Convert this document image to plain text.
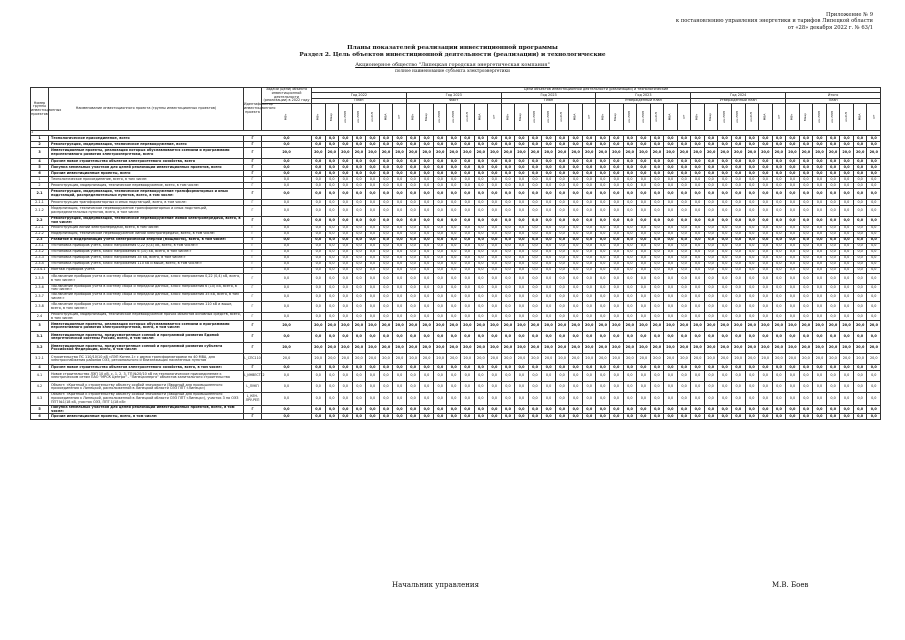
Приложение № 9
к постановлению управления энергетики и тарифов Липецкой области
от «28» декабря 2022 г. № 63/1
Планы показателей реализации инвестиционной программы
Раздел 2. Цель объектов инвестиционной деятельности (реализации) и технологические
Акционерное общество "Липецкая городская энергетическая компания"
полное наименование субъекта электроэнергетики
Номер группы инвестиционных проектов	Наименование инвестиционного проекта (группы инвестиционных проектов)	Идентификатор инвестиционного проекта	Задачи (цели) объекта инвестиционной деятельности (реализации) в 2022 году	Цели объектов инвестиционной деятельности (реализации) и технологические																																									
				Год 2022							Год 2023							Год 2023							Год 2023							Год 2024							Итого						
				План							Факт							План							Утвержденный план							Утвержденный план							План						
			МВт	МВт	Мвар	км ЛЭП	км ЛЭП	км КЛ	МВА	шт	МВт	Мвар	км ЛЭП	км ЛЭП	км КЛ	МВА	шт	МВт	Мвар	км ЛЭП	км ЛЭП	км КЛ	МВА	шт	МВт	Мвар	км ЛЭП	км ЛЭП	км КЛ	МВА	шт	МВт	Мвар	км ЛЭП	км ЛЭП	км КЛ	МВА	шт	МВт	Мвар	км ЛЭП	км ЛЭП	км КЛ	МВА	шт
1																																													
1	Технологическое присоединение, всего	Г	0,0	0,0	0,0	0,0	0,0	0,0	0,0	0,0	0,0	0,0	0,0	0,0	0,0	0,0	0,0	0,0	0,0	0,0	0,0	0,0	0,0	0,0	0,0	0,0	0,0	0,0	0,0	0,0	0,0	0,0	0,0	0,0	0,0	0,0	0,0	0,0	0,0	0,0	0,0	0,0	0,0	0,0	0,0
2	Реконструкция, модернизация, техническое перевооружение, всего	Г	0,0	0,0	0,0	0,0	0,0	0,0	0,0	0,0	0,0	0,0	0,0	0,0	0,0	0,0	0,0	0,0	0,0	0,0	0,0	0,0	0,0	0,0	0,0	0,0	0,0	0,0	0,0	0,0	0,0	0,0	0,0	0,0	0,0	0,0	0,0	0,0	0,0	0,0	0,0	0,0	0,0	0,0	0,0
3	Инвестиционные проекты, реализация которых обуславливается схемами и программами перспективного развития электроэнергетики, всего	Г	20,0	20,0	20,0	20,0	20,0	20,0	20,0	20,0	20,0	20,0	20,0	20,0	20,0	20,0	20,0	20,0	20,0	20,0	20,0	20,0	20,0	20,0	20,0	20,0	20,0	20,0	20,0	20,0	20,0	20,0	20,0	20,0	20,0	20,0	20,0	20,0	20,0	20,0	20,0	20,0	20,0	20,0	20,0
4	Прочее новое строительство объектов электросетевого хозяйства, всего	Г	0,0	0,0	0,0	0,0	0,0	0,0	0,0	0,0	0,0	0,0	0,0	0,0	0,0	0,0	0,0	0,0	0,0	0,0	0,0	0,0	0,0	0,0	0,0	0,0	0,0	0,0	0,0	0,0	0,0	0,0	0,0	0,0	0,0	0,0	0,0	0,0	0,0	0,0	0,0	0,0	0,0	0,0	0,0
5	Покупка земельных участков для целей реализации инвестиционных проектов, всего	Г	0,0	0,0	0,0	0,0	0,0	0,0	0,0	0,0	0,0	0,0	0,0	0,0	0,0	0,0	0,0	0,0	0,0	0,0	0,0	0,0	0,0	0,0	0,0	0,0	0,0	0,0	0,0	0,0	0,0	0,0	0,0	0,0	0,0	0,0	0,0	0,0	0,0	0,0	0,0	0,0	0,0	0,0	0,0
6	Прочие инвестиционные проекты, всего	Г	0,0	0,0	0,0	0,0	0,0	0,0	0,0	0,0	0,0	0,0	0,0	0,0	0,0	0,0	0,0	0,0	0,0	0,0	0,0	0,0	0,0	0,0	0,0	0,0	0,0	0,0	0,0	0,0	0,0	0,0	0,0	0,0	0,0	0,0	0,0	0,0	0,0	0,0	0,0	0,0	0,0	0,0	0,0
1	Технологическое присоединение, всего, в том числе:	Г	0,0	0,0	0,0	0,0	0,0	0,0	0,0	0,0	0,0	0,0	0,0	0,0	0,0	0,0	0,0	0,0	0,0	0,0	0,0	0,0	0,0	0,0	0,0	0,0	0,0	0,0	0,0	0,0	0,0	0,0	0,0	0,0	0,0	0,0	0,0	0,0	0,0	0,0	0,0	0,0	0,0	0,0	0,0
2	Реконструкция, модернизация, техническое перевооружение, всего, в том числе:	Г	0,0	0,0	0,0	0,0	0,0	0,0	0,0	0,0	0,0	0,0	0,0	0,0	0,0	0,0	0,0	0,0	0,0	0,0	0,0	0,0	0,0	0,0	0,0	0,0	0,0	0,0	0,0	0,0	0,0	0,0	0,0	0,0	0,0	0,0	0,0	0,0	0,0	0,0	0,0	0,0	0,0	0,0	0,0
2.1	Реконструкция, модернизация, техническое перевооружение трансформаторных и иных подстанций, распределительных пунктов, всего, в том числе:	Г	0,0	0,0	0,0	0,0	0,0	0,0	0,0	0,0	0,0	0,0	0,0	0,0	0,0	0,0	0,0	0,0	0,0	0,0	0,0	0,0	0,0	0,0	0,0	0,0	0,0	0,0	0,0	0,0	0,0	0,0	0,0	0,0	0,0	0,0	0,0	0,0	0,0	0,0	0,0	0,0	0,0	0,0	0,0
2.1.1	Реконструкция трансформаторных и иных подстанций, всего, в том числе:	Г	0,0	0,0	0,0	0,0	0,0	0,0	0,0	0,0	0,0	0,0	0,0	0,0	0,0	0,0	0,0	0,0	0,0	0,0	0,0	0,0	0,0	0,0	0,0	0,0	0,0	0,0	0,0	0,0	0,0	0,0	0,0	0,0	0,0	0,0	0,0	0,0	0,0	0,0	0,0	0,0	0,0	0,0	0,0
2.1.2	Модернизация, техническое перевооружение трансформаторных и иных подстанций, распределительных пунктов, всего, в том числе:	Г	0,0	0,0	0,0	0,0	0,0	0,0	0,0	0,0	0,0	0,0	0,0	0,0	0,0	0,0	0,0	0,0	0,0	0,0	0,0	0,0	0,0	0,0	0,0	0,0	0,0	0,0	0,0	0,0	0,0	0,0	0,0	0,0	0,0	0,0	0,0	0,0	0,0	0,0	0,0	0,0	0,0	0,0	0,0
2.2	Реконструкция, модернизация, техническое перевооружение линий электропередачи, всего, в том числе:	Г	0,0	0,0	0,0	0,0	0,0	0,0	0,0	0,0	0,0	0,0	0,0	0,0	0,0	0,0	0,0	0,0	0,0	0,0	0,0	0,0	0,0	0,0	0,0	0,0	0,0	0,0	0,0	0,0	0,0	0,0	0,0	0,0	0,0	0,0	0,0	0,0	0,0	0,0	0,0	0,0	0,0	0,0	0,0
2.2.1	Реконструкция линий электропередачи, всего, в том числе:	Г	0,0	0,0	0,0	0,0	0,0	0,0	0,0	0,0	0,0	0,0	0,0	0,0	0,0	0,0	0,0	0,0	0,0	0,0	0,0	0,0	0,0	0,0	0,0	0,0	0,0	0,0	0,0	0,0	0,0	0,0	0,0	0,0	0,0	0,0	0,0	0,0	0,0	0,0	0,0	0,0	0,0	0,0	0,0
2.2.2	Модернизация, техническое перевооружение линий электропередачи, всего, в том числе:	Г	0,0	0,0	0,0	0,0	0,0	0,0	0,0	0,0	0,0	0,0	0,0	0,0	0,0	0,0	0,0	0,0	0,0	0,0	0,0	0,0	0,0	0,0	0,0	0,0	0,0	0,0	0,0	0,0	0,0	0,0	0,0	0,0	0,0	0,0	0,0	0,0	0,0	0,0	0,0	0,0	0,0	0,0	0,0
2.3	Развитие и модернизация учета электрической энергии (мощности), всего, в том числе:	Г	0,0	0,0	0,0	0,0	0,0	0,0	0,0	0,0	0,0	0,0	0,0	0,0	0,0	0,0	0,0	0,0	0,0	0,0	0,0	0,0	0,0	0,0	0,0	0,0	0,0	0,0	0,0	0,0	0,0	0,0	0,0	0,0	0,0	0,0	0,0	0,0	0,0	0,0	0,0	0,0	0,0	0,0	0,0
2.3.1	«Установка приборов учета, класс напряжения 0,22 (0,4) кВ, всего, в том числе:»	Г	0,0	0,0	0,0	0,0	0,0	0,0	0,0	0,0	0,0	0,0	0,0	0,0	0,0	0,0	0,0	0,0	0,0	0,0	0,0	0,0	0,0	0,0	0,0	0,0	0,0	0,0	0,0	0,0	0,0	0,0	0,0	0,0	0,0	0,0	0,0	0,0	0,0	0,0	0,0	0,0	0,0	0,0	0,0
2.3.2	«Установка приборов учета, класс напряжения 6 (10) кВ, всего, в том числе:»	Г	0,0	0,0	0,0	0,0	0,0	0,0	0,0	0,0	0,0	0,0	0,0	0,0	0,0	0,0	0,0	0,0	0,0	0,0	0,0	0,0	0,0	0,0	0,0	0,0	0,0	0,0	0,0	0,0	0,0	0,0	0,0	0,0	0,0	0,0	0,0	0,0	0,0	0,0	0,0	0,0	0,0	0,0	0,0
2.3.3	«Установка приборов учета, класс напряжения 35 кВ, всего, в том числе:»	Г	0,0	0,0	0,0	0,0	0,0	0,0	0,0	0,0	0,0	0,0	0,0	0,0	0,0	0,0	0,0	0,0	0,0	0,0	0,0	0,0	0,0	0,0	0,0	0,0	0,0	0,0	0,0	0,0	0,0	0,0	0,0	0,0	0,0	0,0	0,0	0,0	0,0	0,0	0,0	0,0	0,0	0,0	0,0
2.3.4	«Установка приборов учета, класс напряжения 110 кВ и выше, всего, в том числе:»	Г	0,0	0,0	0,0	0,0	0,0	0,0	0,0	0,0	0,0	0,0	0,0	0,0	0,0	0,0	0,0	0,0	0,0	0,0	0,0	0,0	0,0	0,0	0,0	0,0	0,0	0,0	0,0	0,0	0,0	0,0	0,0	0,0	0,0	0,0	0,0	0,0	0,0	0,0	0,0	0,0	0,0	0,0	0,0
2.3.4.1	Монтаж приборов учета	Г	0,0	0,0	0,0	0,0	0,0	0,0	0,0	0,0	0,0	0,0	0,0	0,0	0,0	0,0	0,0	0,0	0,0	0,0	0,0	0,0	0,0	0,0	0,0	0,0	0,0	0,0	0,0	0,0	0,0	0,0	0,0	0,0	0,0	0,0	0,0	0,0	0,0	0,0	0,0	0,0	0,0	0,0	0,0
2.3.5	«Включение приборов учета в систему сбора и передачи данных, класс напряжения 0,22 (0,4) кВ, всего, в том числе:»	Г	0,0	0,0	0,0	0,0	0,0	0,0	0,0	0,0	0,0	0,0	0,0	0,0	0,0	0,0	0,0	0,0	0,0	0,0	0,0	0,0	0,0	0,0	0,0	0,0	0,0	0,0	0,0	0,0	0,0	0,0	0,0	0,0	0,0	0,0	0,0	0,0	0,0	0,0	0,0	0,0	0,0	0,0	0,0
2.3.6	«Включение приборов учета в систему сбора и передачи данных, класс напряжения 6 (10) кВ, всего, в том числе:»	Г	0,0	0,0	0,0	0,0	0,0	0,0	0,0	0,0	0,0	0,0	0,0	0,0	0,0	0,0	0,0	0,0	0,0	0,0	0,0	0,0	0,0	0,0	0,0	0,0	0,0	0,0	0,0	0,0	0,0	0,0	0,0	0,0	0,0	0,0	0,0	0,0	0,0	0,0	0,0	0,0	0,0	0,0	0,0
2.3.7	«Включение приборов учета в систему сбора и передачи данных, класс напряжения 35 кВ, всего, в том числе:»	Г	0,0	0,0	0,0	0,0	0,0	0,0	0,0	0,0	0,0	0,0	0,0	0,0	0,0	0,0	0,0	0,0	0,0	0,0	0,0	0,0	0,0	0,0	0,0	0,0	0,0	0,0	0,0	0,0	0,0	0,0	0,0	0,0	0,0	0,0	0,0	0,0	0,0	0,0	0,0	0,0	0,0	0,0	0,0
2.3.8	«Включение приборов учета в систему сбора и передачи данных, класс напряжения 110 кВ и выше, всего, в том числе:»	Г	0,0	0,0	0,0	0,0	0,0	0,0	0,0	0,0	0,0	0,0	0,0	0,0	0,0	0,0	0,0	0,0	0,0	0,0	0,0	0,0	0,0	0,0	0,0	0,0	0,0	0,0	0,0	0,0	0,0	0,0	0,0	0,0	0,0	0,0	0,0	0,0	0,0	0,0	0,0	0,0	0,0	0,0	0,0
2.4	Реконструкция, модернизация, техническое перевооружение прочих объектов основных средств, всего, в том числе:	Г	0,0	0,0	0,0	0,0	0,0	0,0	0,0	0,0	0,0	0,0	0,0	0,0	0,0	0,0	0,0	0,0	0,0	0,0	0,0	0,0	0,0	0,0	0,0	0,0	0,0	0,0	0,0	0,0	0,0	0,0	0,0	0,0	0,0	0,0	0,0	0,0	0,0	0,0	0,0	0,0	0,0	0,0	0,0
3	Инвестиционные проекты, реализация которых обуславливается схемами и программами перспективного развития электроэнергетики, всего, в том числе:	Г	20,0	20,0	20,0	20,0	20,0	20,0	20,0	20,0	20,0	20,0	20,0	20,0	20,0	20,0	20,0	20,0	20,0	20,0	20,0	20,0	20,0	20,0	20,0	20,0	20,0	20,0	20,0	20,0	20,0	20,0	20,0	20,0	20,0	20,0	20,0	20,0	20,0	20,0	20,0	20,0	20,0	20,0	20,0
3.1	Инвестиционные проекты, предусмотренные схемой и программой развития Единой энергетической системы России, всего, в том числе:	Г	0,0	0,0	0,0	0,0	0,0	0,0	0,0	0,0	0,0	0,0	0,0	0,0	0,0	0,0	0,0	0,0	0,0	0,0	0,0	0,0	0,0	0,0	0,0	0,0	0,0	0,0	0,0	0,0	0,0	0,0	0,0	0,0	0,0	0,0	0,0	0,0	0,0	0,0	0,0	0,0	0,0	0,0	0,0
3.2	Инвестиционные проекты, предусмотренные схемой и программой развития субъекта Российской Федерации, всего, в том числе:	Г	20,0	20,0	20,0	20,0	20,0	20,0	20,0	20,0	20,0	20,0	20,0	20,0	20,0	20,0	20,0	20,0	20,0	20,0	20,0	20,0	20,0	20,0	20,0	20,0	20,0	20,0	20,0	20,0	20,0	20,0	20,0	20,0	20,0	20,0	20,0	20,0	20,0	20,0	20,0	20,0	20,0	20,0	20,0
3.2.1	Строительство ПС 110/10/10 кВ «ЛЭП Котел-1» с двумя трансформаторами по 40 МВА, для электроснабжения районов ОЭЗ, регионального и близлежащих населенных пунктов	L_СПС110	20,0	20,0	20,0	20,0	20,0	20,0	20,0	20,0	20,0	20,0	20,0	20,0	20,0	20,0	20,0	20,0	20,0	20,0	20,0	20,0	20,0	20,0	20,0	20,0	20,0	20,0	20,0	20,0	20,0	20,0	20,0	20,0	20,0	20,0	20,0	20,0	20,0	20,0	20,0	20,0	20,0	20,0	20,0
4	Прочее новое строительство объектов электросетевого хозяйства, всего, в том числе:	Г	0,0	0,0	0,0	0,0	0,0	0,0	0,0	0,0	0,0	0,0	0,0	0,0	0,0	0,0	0,0	0,0	0,0	0,0	0,0	0,0	0,0	0,0	0,0	0,0	0,0	0,0	0,0	0,0	0,0	0,0	0,0	0,0	0,0	0,0	0,0	0,0	0,0	0,0	0,0	0,0	0,0	0,0	0,0
4.1	Новое строительство ЛЭП 10 кВ, с. 1, 2, 3, ТП №20/10 кВ на технологическое присоединение к электрическим сетям ПАО "МРСК Центра" - "Липецкэнерго" объектов капитального строительства	L_ИНВЕСТ12	0,0	0,0	0,0	0,0	0,0	0,0	0,0	0,0	0,0	0,0	0,0	0,0	0,0	0,0	0,0	0,0	0,0	0,0	0,0	0,0	0,0	0,0	0,0	0,0	0,0	0,0	0,0	0,0	0,0	0,0	0,0	0,0	0,0	0,0	0,0	0,0	0,0	0,0	0,0	0,0	0,0	0,0	0,0
4.2	Объект: «Кратный к строительству объекту особой значимости (Вводный для промышленного присоединения к Липецкой, расположенной в Липецкой области ОЭЗ ППТ «Липецк»)	L_ЛУКП	0,0	0,0	0,0	0,0	0,0	0,0	0,0	0,0	0,0	0,0	0,0	0,0	0,0	0,0	0,0	0,0	0,0	0,0	0,0	0,0	0,0	0,0	0,0	0,0	0,0	0,0	0,0	0,0	0,0	0,0	0,0	0,0	0,0	0,0	0,0	0,0	0,0	0,0	0,0	0,0	0,0	0,0	0,0
4.3	Объект: «Кратный к строительству объекту особой значимости (Вводный для промышленного присоединения к Липецкой, расположенной в Липецкой области ОЭЗ ППТ «Липецк»), участок 3 на ОЭЗ ППТ №1/18 кВ, участок ОЭЗ, ППТ 1/18 кВ»	L_КЕН-ЛРУ-РЕП	0,0	0,0	0,0	0,0	0,0	0,0	0,0	0,0	0,0	0,0	0,0	0,0	0,0	0,0	0,0	0,0	0,0	0,0	0,0	0,0	0,0	0,0	0,0	0,0	0,0	0,0	0,0	0,0	0,0	0,0	0,0	0,0	0,0	0,0	0,0	0,0	0,0	0,0	0,0	0,0	0,0	0,0	0,0
5	Покупка земельных участков для целей реализации инвестиционных проектов, всего, в том числе:	Г	0,0	0,0	0,0	0,0	0,0	0,0	0,0	0,0	0,0	0,0	0,0	0,0	0,0	0,0	0,0	0,0	0,0	0,0	0,0	0,0	0,0	0,0	0,0	0,0	0,0	0,0	0,0	0,0	0,0	0,0	0,0	0,0	0,0	0,0	0,0	0,0	0,0	0,0	0,0	0,0	0,0	0,0	0,0
6	Прочие инвестиционные проекты, всего, в том числе:	Г	0,0	0,0	0,0	0,0	0,0	0,0	0,0	0,0	0,0	0,0	0,0	0,0	0,0	0,0	0,0	0,0	0,0	0,0	0,0	0,0	0,0	0,0	0,0	0,0	0,0	0,0	0,0	0,0	0,0	0,0	0,0	0,0	0,0	0,0	0,0	0,0	0,0	0,0	0,0	0,0	0,0	0,0	0,0
Начальник управления	М.В. Боев
